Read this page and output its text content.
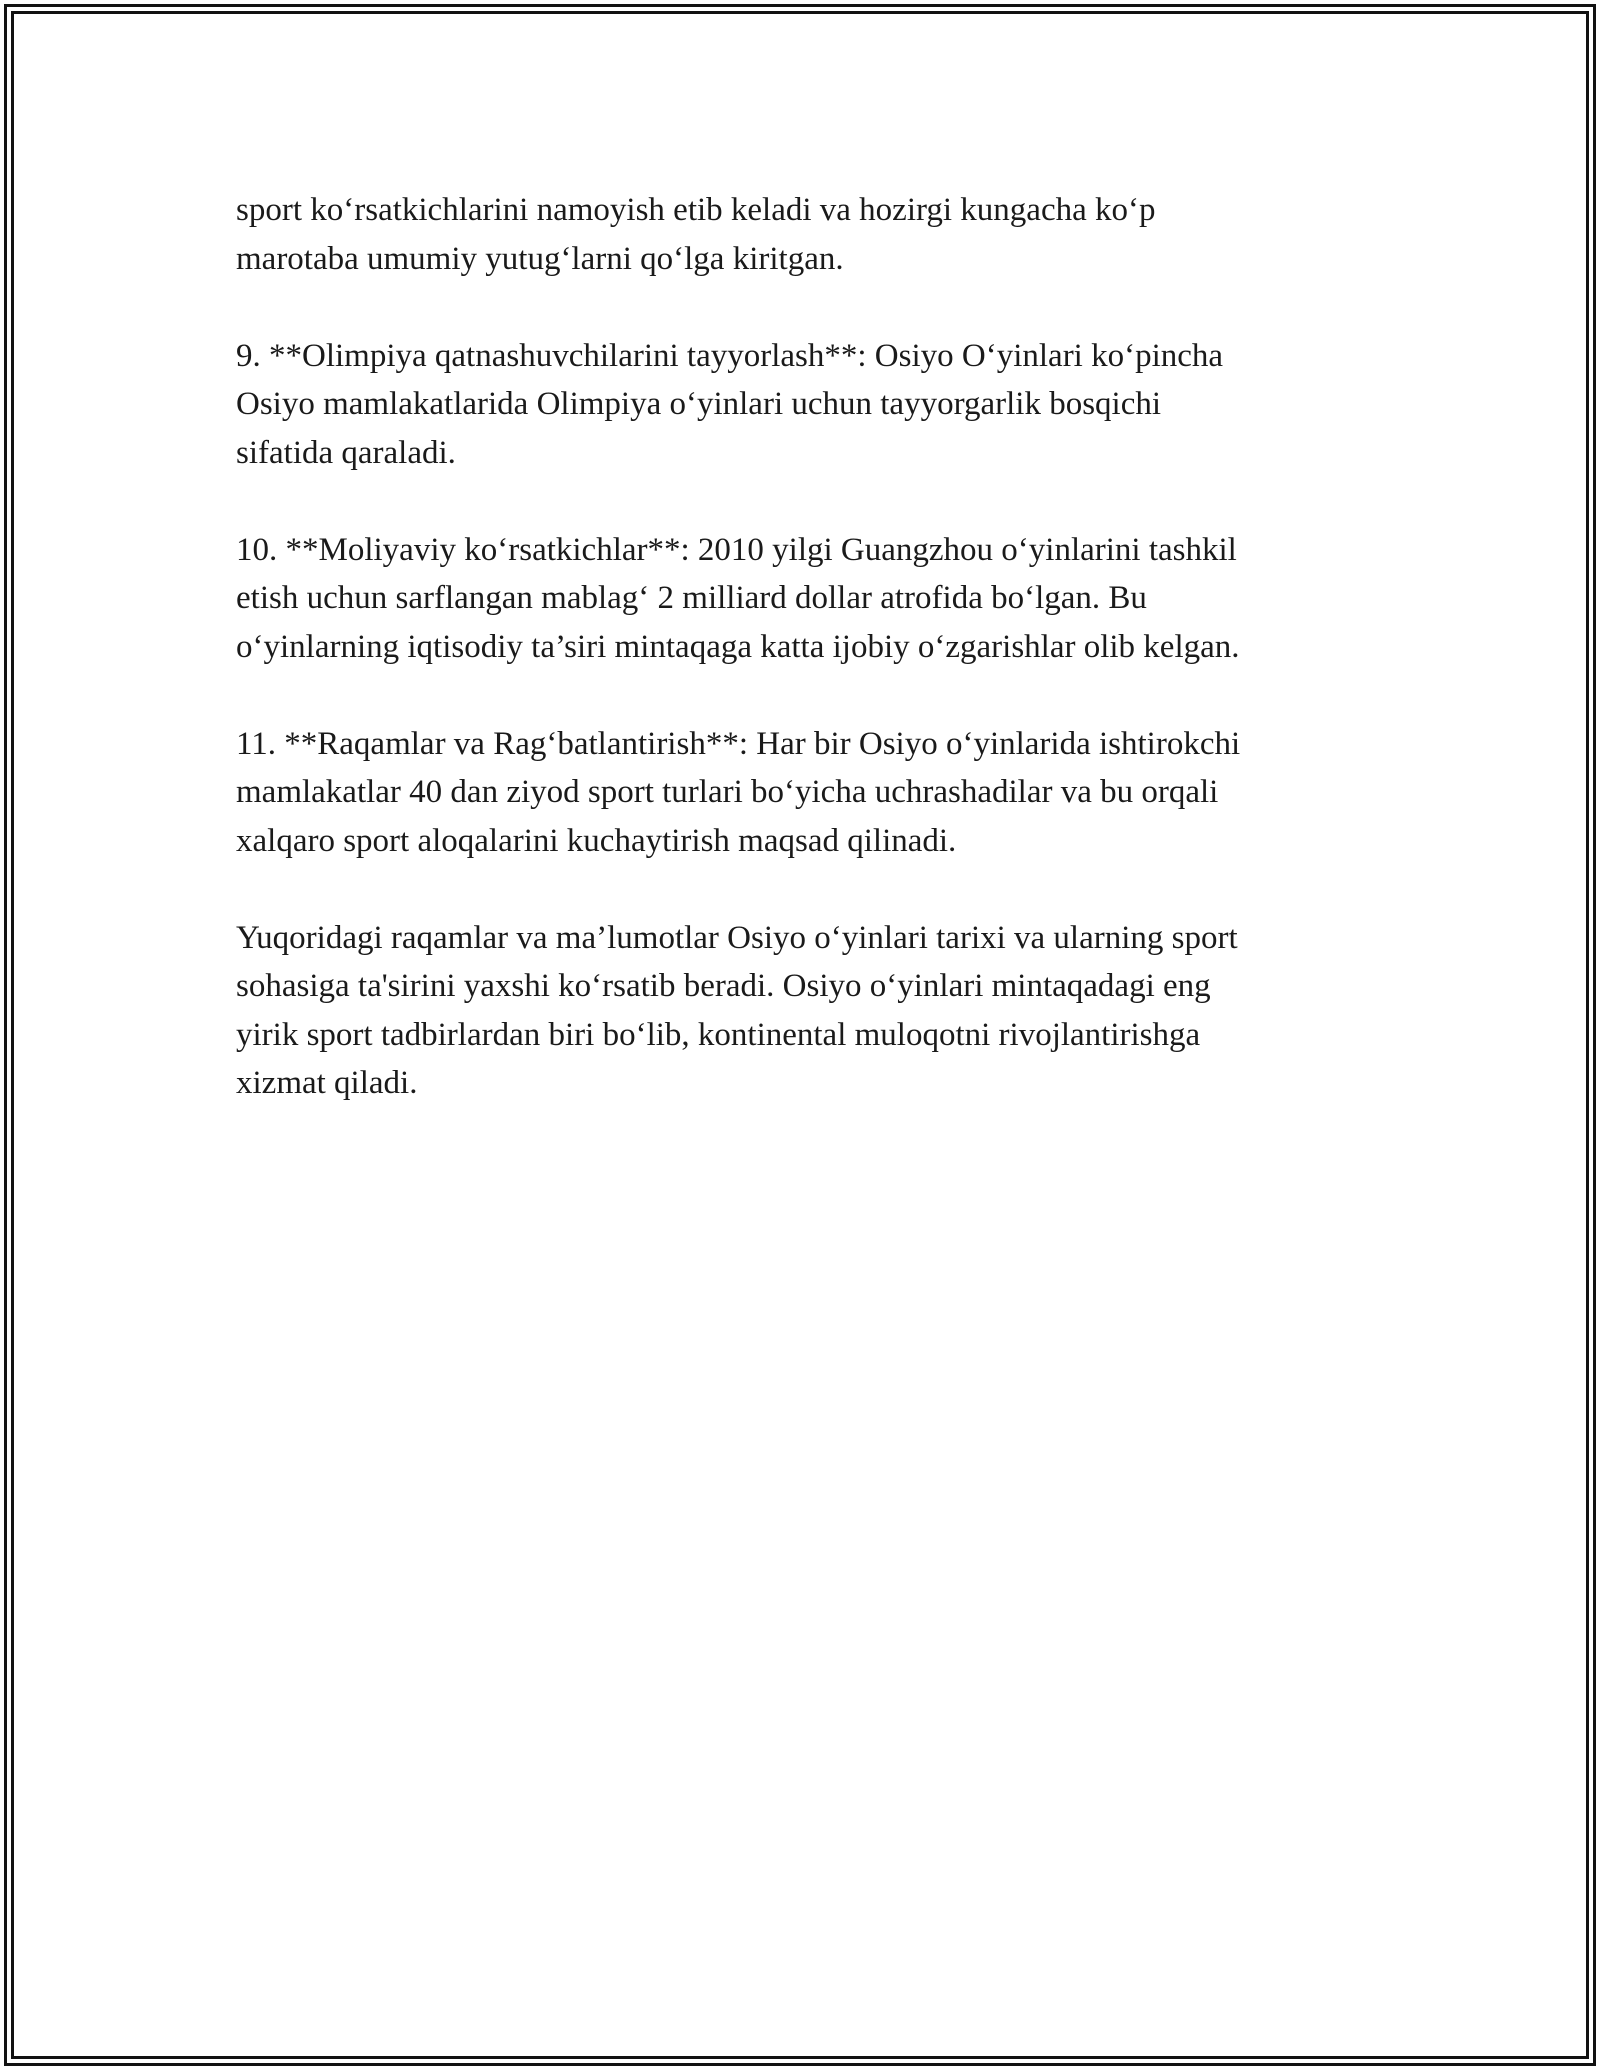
sport ko‘rsatkichlarini namoyish etib keladi va hozirgi kungacha ko‘p
marotaba umumiy yutug‘larni qo‘lga kiritgan.

9. **Olimpiya qatnashuvchilarini tayyorlash**: Osiyo O‘yinlari ko‘pincha
Osiyo mamlakatlarida Olimpiya o‘yinlari uchun tayyorgarlik bosqichi
sifatida qaraladi.

10. **Moliyaviy ko‘rsatkichlar**: 2010 yilgi Guangzhou o‘yinlarini tashkil
etish uchun sarflangan mablag‘ 2 milliard dollar atrofida bo‘lgan. Bu
o‘yinlarning iqtisodiy ta’siri mintaqaga katta ijobiy o‘zgarishlar olib kelgan.

11. **Raqamlar va Rag‘batlantirish**: Har bir Osiyo o‘yinlarida ishtirokchi
mamlakatlar 40 dan ziyod sport turlari bo‘yicha uchrashadilar va bu orqali
xalqaro sport aloqalarini kuchaytirish maqsad qilinadi.

Yuqoridagi raqamlar va ma’lumotlar Osiyo o‘yinlari tarixi va ularning sport
sohasiga ta'sirini yaxshi ko‘rsatib beradi. Osiyo o‘yinlari mintaqadagi eng
yirik sport tadbirlardan biri bo‘lib, kontinental muloqotni rivojlantirishga
xizmat qiladi.
